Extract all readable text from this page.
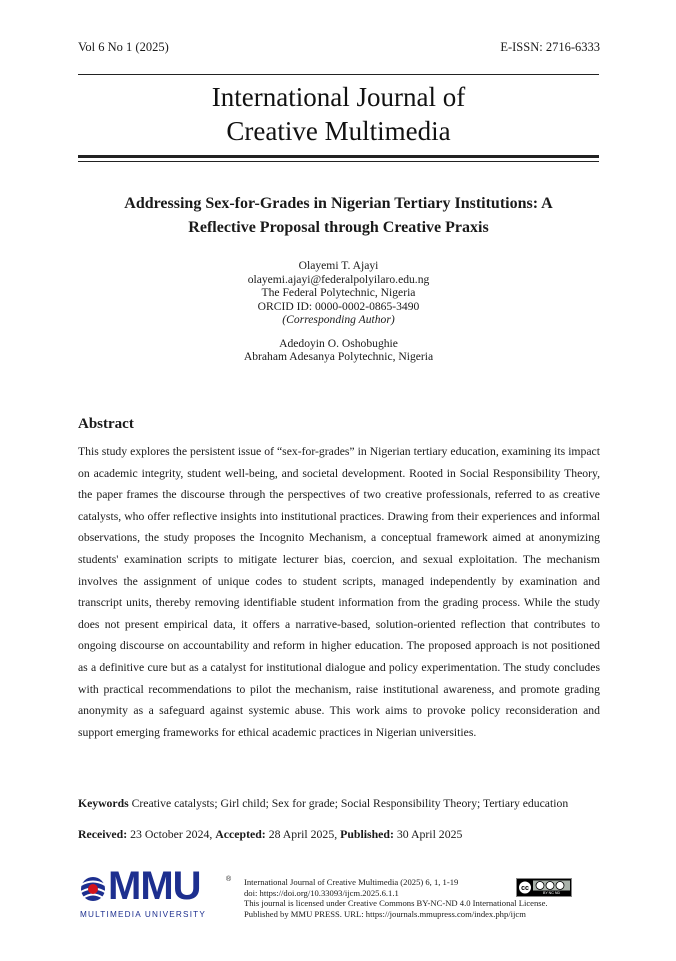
Vol 6 No 1 (2025)	E-ISSN: 2716-6333
International Journal of
Creative Multimedia
Addressing Sex-for-Grades in Nigerian Tertiary Institutions: A
Reflective Proposal through Creative Praxis
Olayemi T. Ajayi
olayemi.ajayi@federalpolyilaro.edu.ng
The Federal Polytechnic, Nigeria
ORCID ID: 0000-0002-0865-3490
(Corresponding Author)
Adedoyin O. Oshobughie
Abraham Adesanya Polytechnic, Nigeria
Abstract

This study explores the persistent issue of “sex-for-grades” in Nigerian tertiary education, examining its impact on academic integrity, student well-being, and societal development. Rooted in Social Responsibility Theory, the paper frames the discourse through the perspectives of two creative professionals, referred to as creative catalysts, who offer reflective insights into institutional practices. Drawing from their experiences and informal observations, the study proposes the Incognito Mechanism, a conceptual framework aimed at anonymizing students' examination scripts to mitigate lecturer bias, coercion, and sexual exploitation. The mechanism involves the assignment of unique codes to student scripts, managed independently by examination and transcript units, thereby removing identifiable student information from the grading process. While the study does not present empirical data, it offers a narrative-based, solution-oriented reflection that contributes to ongoing discourse on accountability and reform in higher education. The proposed approach is not positioned as a definitive cure but as a catalyst for institutional dialogue and policy experimentation. The study concludes with practical recommendations to pilot the mechanism, raise institutional awareness, and promote grading anonymity as a safeguard against systemic abuse. This work aims to provoke policy reconsideration and support emerging frameworks for ethical academic practices in Nigerian universities.

Keywords Creative catalysts; Girl child; Sex for grade; Social Responsibility Theory; Tertiary education
Received: 23 October 2024, Accepted: 28 April 2025, Published: 30 April 2025
MMU	®
MULTIMEDIA UNIVERSITY
International Journal of Creative Multimedia (2025) 6, 1, 1-19
doi: https://doi.org/10.33093/ijcm.2025.6.1.1
This journal is licensed under Creative Commons BY-NC-ND 4.0 International License.
Published by MMU PRESS. URL: https://journals.mmupress.com/index.php/ijcm
cc
BY NC ND
